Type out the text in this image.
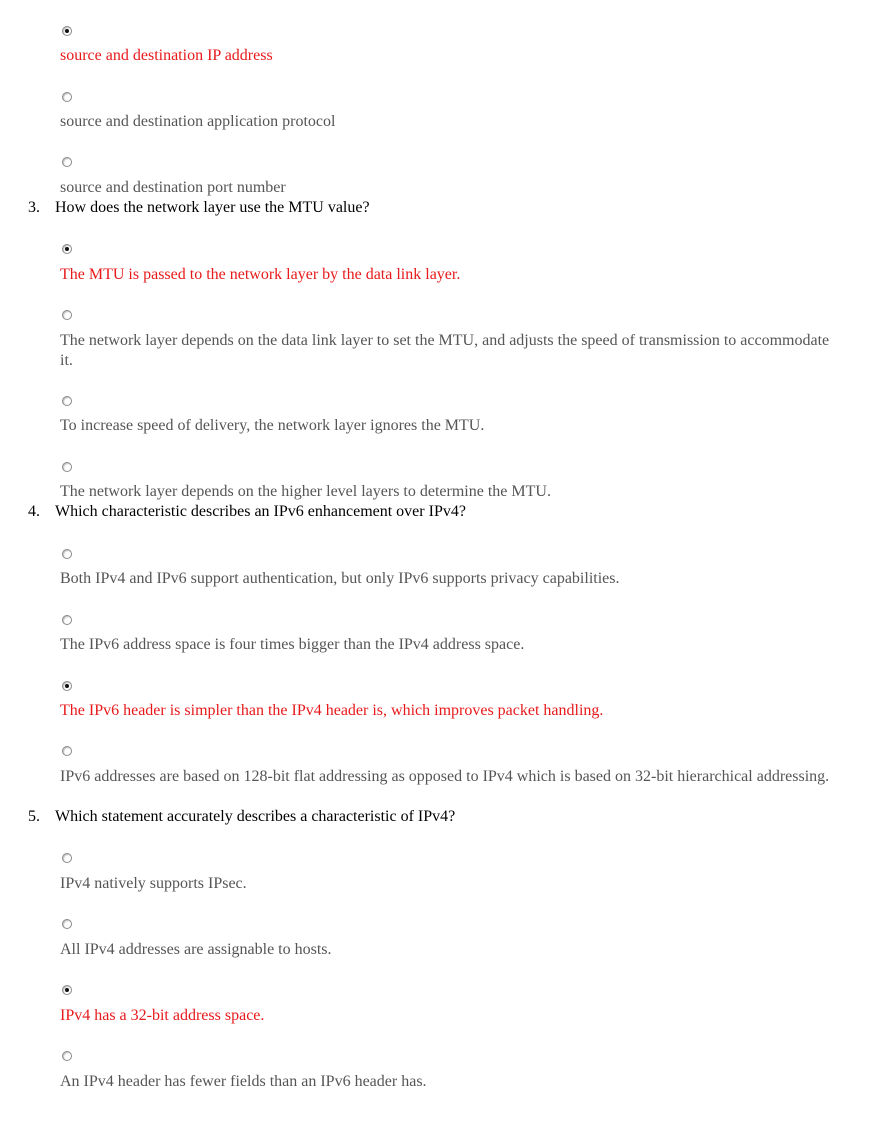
source and destination IP address
source and destination application protocol
source and destination port number
3. How does the network layer use the MTU value?
The MTU is passed to the network layer by the data link layer.
The network layer depends on the data link layer to set the MTU, and adjusts the speed of transmission to accommodate it.
To increase speed of delivery, the network layer ignores the MTU.
The network layer depends on the higher level layers to determine the MTU.
4. Which characteristic describes an IPv6 enhancement over IPv4?
Both IPv4 and IPv6 support authentication, but only IPv6 supports privacy capabilities.
The IPv6 address space is four times bigger than the IPv4 address space.
The IPv6 header is simpler than the IPv4 header is, which improves packet handling.
IPv6 addresses are based on 128-bit flat addressing as opposed to IPv4 which is based on 32-bit hierarchical addressing.
5. Which statement accurately describes a characteristic of IPv4?
IPv4 natively supports IPsec.
All IPv4 addresses are assignable to hosts.
IPv4 has a 32-bit address space.
An IPv4 header has fewer fields than an IPv6 header has.
